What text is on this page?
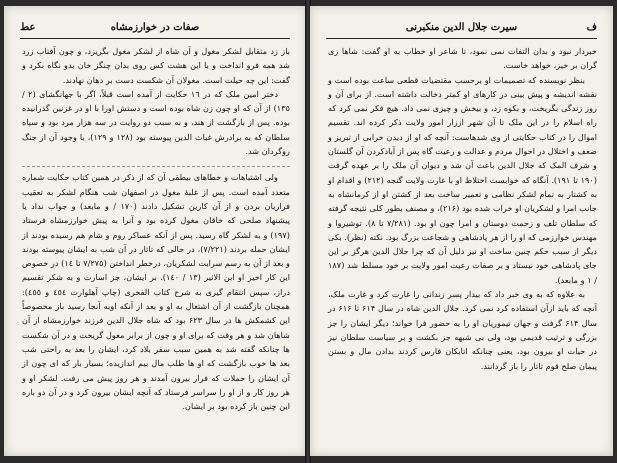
عط	صفات در خوارزمشاه

باز زد متقابل لشکر مغول و آن شاه از لشکر مغول بگریزد، و چون آفتاب زرد شد همه فرو انداخت و با این هشت کس روی بدان چنگز خان بدو نگاه بکرد و گفت: این چه حیلت است. مغولان آن شکست دست بر دهان نهادند.

دختر امین ملک که در ١٦ حکایت از آمده است قبلاً، اگر با جهانگشای (٢ / ١٣٥) از آن که او چون زن شاه بوده است و دستش اورا با او در غزنین گذرانیده بوده. پس از بازگشت از هند، و به سبب دو روایت در سه هزار مرد بود و سپاه سلطان که به برادرش غیاث الدین پیوسته بود (١٢٨ و ١٢٩)، با وجود آن از جنگ روگردان شد.

ولی اشتباهات و خطاهای بیطقی آن که از ذکر در همین کتاب حکایت شماره متعدد آمده است. پس از غلبهٔ مغول در اصفهان شب هنگام لشکر به تعقیب فراریان بردن و از آن کاربن تشکیل دادند (١٧٠ / و مابعد) و جواب نداد یا پیشنهاد صلحی که خاقان مغول کرده بود و آنرا به پیش خوارزمشاه فرستاد (١٩٧) و به لشکر گاه رسید. پس از آنکه عساکر روم و شام هم رسیده بودند از ایشان حمله بردند (٧/٢٢١)، در حالی که تاتار در آن شب به ایشان پیوسته بودند و بعد از آن به رسم سرایت لشکریان، درخطر انداختن (٧/٢٧٥ تا ١٤) در خصوص این کار اخیر او ابن الاثیر (١٣ / ١٤٠). بر ایشان، جز اسارت و به شکر تقسیم دراز، سپس انتقام گیری به شرح کتاب الفخری (چاپ آهلوارت ٤٥٤ و ٤٥٥): همچنان بازگشت از آن اشتغال به او و بعد از آنکه اوبه آنجا رسید باز مخصوصاً این کشمکش ها در سال ۶۲۳ بود که شاه جلال الدین فرزند خوارزمشاه از آن شاهان شد و هر وقت که برای او و چون از برابر مغول گریخت و در آن شکست ها چنانکه گفته شد به همین سبب سفر بلاد کرد، ایشان را بعد به راحتی شب بعد ها خوب بازگشت که او ها طلب مال بیم اندازیده؛ بسیار بار که ای چون از آن ایشان را حملات که فرار بیرون آمدند و هر روز پیش می رفت. لشکر او و هر روز کار و از او را سراسر فرستاد که آنچه ایشان بیرون کرد و در آن دو باره این چنین باز کرده بود بر ایشان.

ف
سیرت جلال الدین منکبرنی

خبردار نبود و بدان التفات نمی نمود، تا شاعر او خطاب به او گفت: شاها زی گران بر خیز، خواهد خاست.

بنظر نویسنده که تصمیمات او برحسب مقتضیات قطعی ساعت بوده است و نقشه اندیشه و پیش بینی در کارهای او کمتر دخالت داشته است. از برای آن و روز زندگی بگریخت، و بکوه زد، و بیخش و چیزی نمی داد. هیچ فکر نمی کرد که راه اسلام را در این ملک تا آن شهر اززار امور ولایت ذکر کرده اند. تقسیم اموال را در کتاب حکایتی از وی شدهاست: آنچه که او از دیدن خرابی از تبریز و ضعف و اختلال در احوال مردم و عدالت و رعیت گاه پس از آبادکردن آن گلستان و شرف المک که جلال الدین باعث آن شد و دیوان آن ملک را بر عهده گرفت (۱۹۰ تا ۱۹۱). آنگاه که خوابست اختلاط او با غارت ولایت گنجه (۲۱۲) و اقدام او به کشتار به تمام لشکر نظامی و تعمیر ساخت بعد از کشتن او از کرمانشاه به جانب امرا و لشکریان او خراب شده بود (۲۱۶)، و مصنف بطور کلی نتیجه گرفته که سلطان تلف و زحمت دوستان و امرا چون او بود. (۷/۲۸۱ تا ۸). توشیروا و مهندس خوارزمی که او را از هر پادشاهی و شجاعت بزرگ بود. نکته (نظر). بکی دیگر از سبب حکم چنین ساخت او نیز دلیل آن که چرا جلال الدین هرگز بر این جای پادشاهی خود نیستاد و بر صفات رعیت امور ولایت بر خود مسلط شد (۱۸۷ / ۱ و مابعد).

به علاوه که به وی خبر داد که بیدار پسر زندانی را غارت کرد و غارت ملک، آنچه که باید ازآن استفاده کرد نمی کرد. جلال الدین شاه در سال ۶۱۴ تا ۶۱۶ در سال ۶۱۴ گرفت و جهان تیموریان او را به حضور فرا خواند؛ دیگر ایشان را جز بزرگی و ترتیب قدیمی بود، ولی بی شبهه جز بکشت و بر سیاست سلطان نیز در حیات او بیرون بود، یعنی چنانکه اتابکان فارس کردند بدادن مال و بستن پیمان صلح قوم تاتار را باز گردانند.
